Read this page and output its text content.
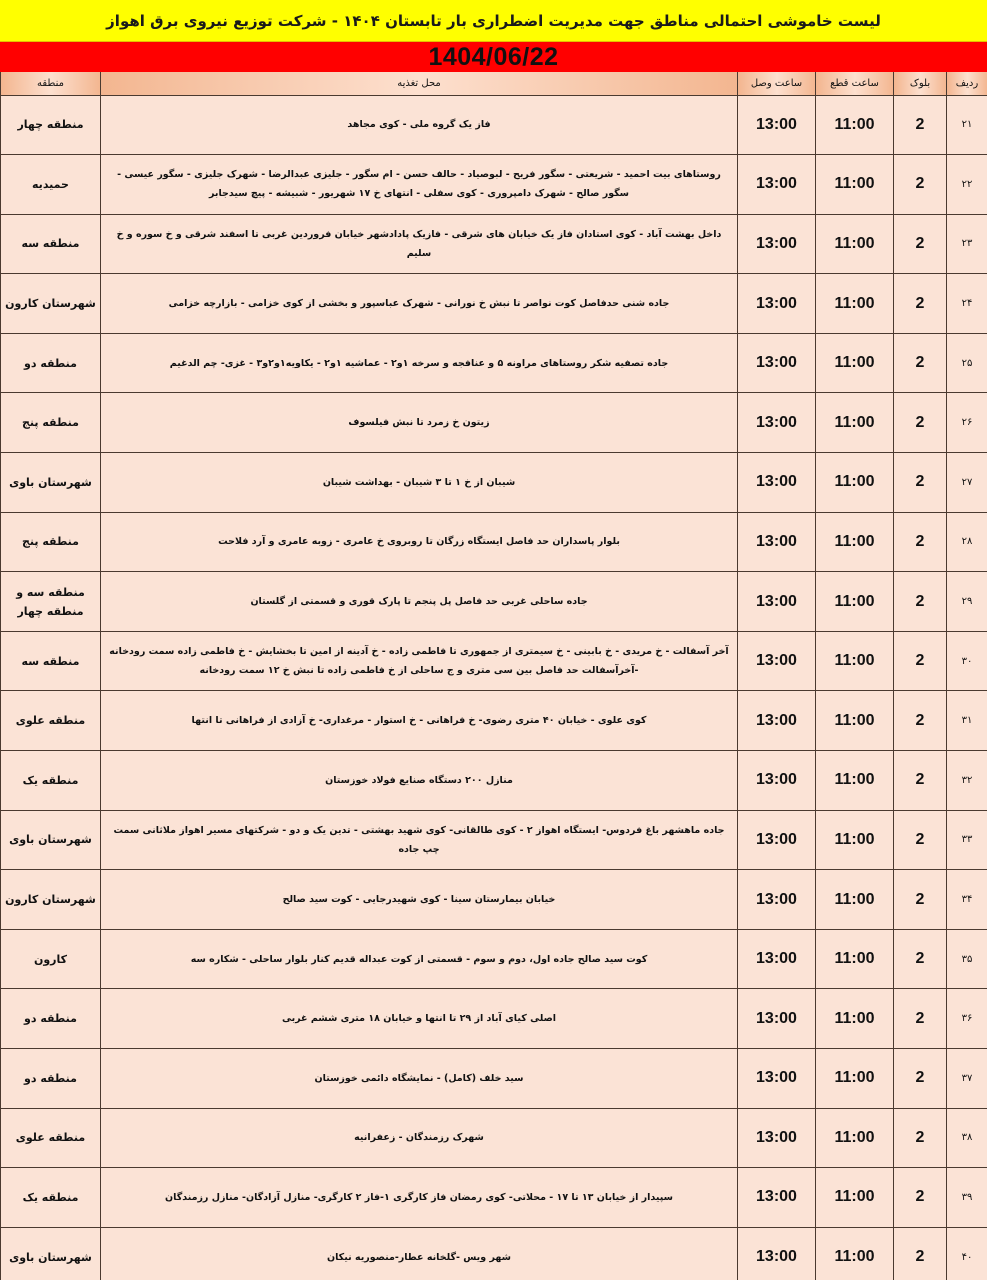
لیست خاموشی احتمالی مناطق جهت مدیریت اضطراری بار تابستان ۱۴۰۴ - شرکت توزیع نیروی برق اهواز
1404/06/22
ردیف	بلوک	ساعت قطع	ساعت وصل	محل تغذیه	منطقه
۲۱	2	11:00	13:00	فاز یک گروه ملی - کوی مجاهد	منطقه چهار
۲۲	2	11:00	13:00	روستاهای بیت احمید - شریعتی - سگور فریح - لبوصیاد - حالف حسن - ام سگور - جلیزی عبدالرضا - شهرک جلیزی - سگور عیسی - سگور صالح - شهرک دامپروری - کوی سفلی - انتهای خ ۱۷ شهریور - شبیشه - پیچ سیدجابر	حمیدیه
۲۳	2	11:00	13:00	داخل بهشت آباد - کوی استادان فاز یک خیابان های شرقی - فازیک پادادشهر خیابان فروردین غربی تا اسفند شرقی و خ سوره و خ سلیم	منطقه سه
۲۴	2	11:00	13:00	جاده شنی حدفاصل کوت نواصر تا نبش خ نورانی - شهرک عباسپور و بخشی از کوی خزامی - بازارچه خزامی	شهرستان کارون
۲۵	2	11:00	13:00	جاده تصفیه شکر روستاهای مراونه ۵ و عنافجه و سرخه ۱و۲ - عماشیه ۱و۲ - یکاویه۱و۲و۳ - غزی- چم الدغیم	منطقه دو
۲۶	2	11:00	13:00	زیتون خ زمرد تا نبش فیلسوف	منطقه پنج
۲۷	2	11:00	13:00	شیبان از خ ۱ تا ۳ شیبان - بهداشت شیبان	شهرستان باوی
۲۸	2	11:00	13:00	بلوار پاسداران حد فاصل ایستگاه زرگان تا روبروی خ عامری - زوبه عامری و آرد فلاحت	منطقه پنج
۲۹	2	11:00	13:00	جاده ساحلی غربی حد فاصل پل پنجم تا پارک قوری و قسمتی از گلستان	منطقه سه و منطقه چهار
۳۰	2	11:00	13:00	آخر آسفالت - خ مریدی - خ بابینی - خ سیمتری از جمهوری تا فاطمی زاده - خ آدینه از امین تا بخشایش - خ فاطمی زاده سمت رودخانه -آخرآسفالت حد فاصل بین سی متری و ج ساحلی از خ فاطمی زاده تا نبش خ ۱۲ سمت رودخانه	منطقه سه
۳۱	2	11:00	13:00	کوی علوی - خیابان ۴۰ متری رضوی- خ فراهانی - خ استوار - مرغداری- خ آزادی از فراهانی تا انتها	منطقه علوی
۳۲	2	11:00	13:00	منازل ۲۰۰ دستگاه صنایع فولاد خوزستان	منطقه یک
۳۳	2	11:00	13:00	جاده ماهشهر باغ فردوس- ایستگاه اهواز ۲ - کوی طالقانی- کوی شهید بهشتی - تدین یک و دو - شرکتهای مسیر اهواز ملاثانی سمت چپ جاده	شهرستان باوی
۳۴	2	11:00	13:00	خیابان بیمارستان سینا - کوی شهیدرجایی - کوت سید صالح	شهرستان کارون
۳۵	2	11:00	13:00	کوت سید صالح جاده اول، دوم و سوم - قسمتی از کوت عبداله قدیم کنار بلوار ساحلی - شکاره سه	کارون
۳۶	2	11:00	13:00	اصلی کیای آباد از ۲۹ تا انتها و خیابان ۱۸ متری ششم غربی	منطقه دو
۳۷	2	11:00	13:00	سید خلف (کامل) - نمایشگاه دائمی خوزستان	منطقه دو
۳۸	2	11:00	13:00	شهرک رزمندگان - زعفرانیه	منطقه علوی
۳۹	2	11:00	13:00	سپیدار از خیابان ۱۳ تا ۱۷ - محلاتی- کوی رمضان فاز کارگری ۱-فاز ۲ کارگری- منازل آزادگان- منازل رزمندگان	منطقه یک
۴۰	2	11:00	13:00	شهر ویس -گلخانه عطار-منصوریه نیکان	شهرستان باوی
